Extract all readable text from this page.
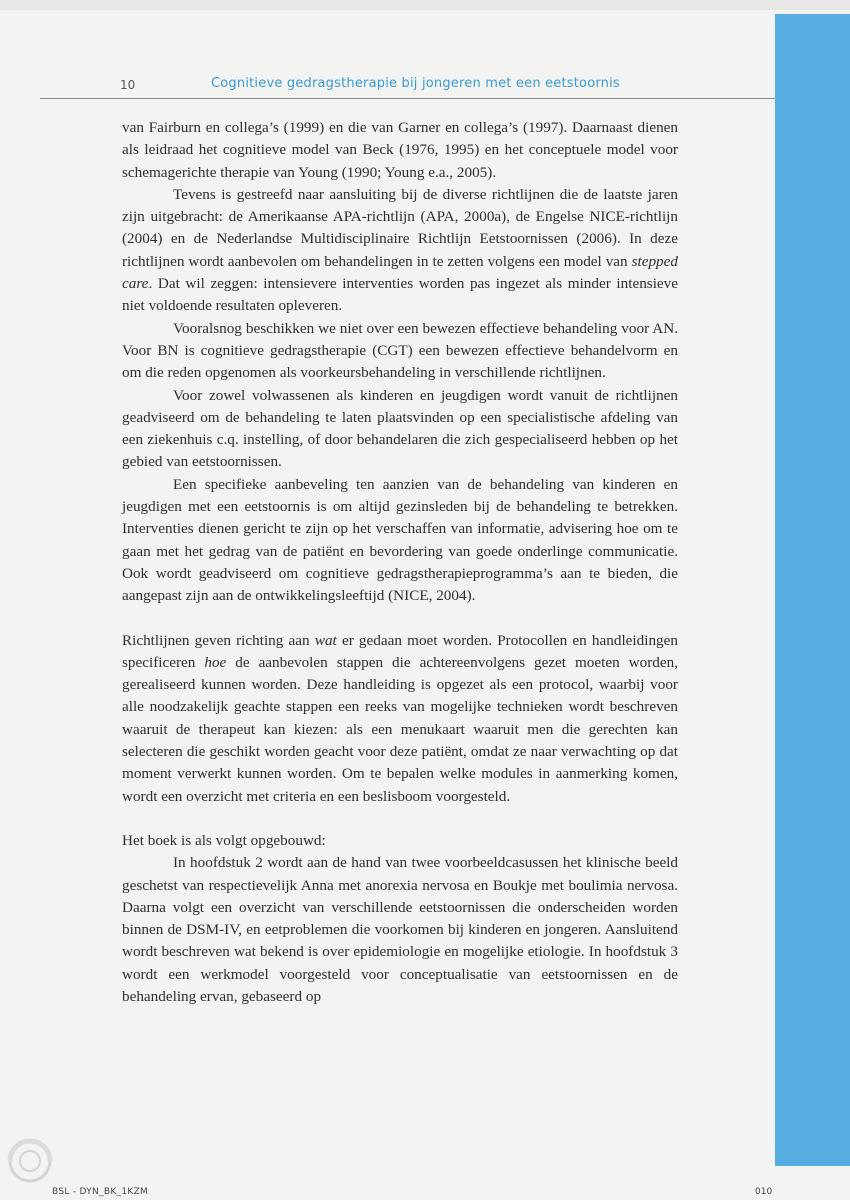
10	Cognitieve gedragstherapie bij jongeren met een eetstoornis

van Fairburn en collega’s (1999) en die van Garner en collega’s (1997). Daarnaast dienen als leidraad het cognitieve model van Beck (1976, 1995) en het conceptuele model voor schemagerichte therapie van Young (1990; Young e.a., 2005).

Tevens is gestreefd naar aansluiting bij de diverse richtlijnen die de laatste jaren zijn uitgebracht: de Amerikaanse APA-richtlijn (APA, 2000a), de Engelse NICE-richtlijn (2004) en de Nederlandse Multidisciplinaire Richtlijn Eetstoornissen (2006). In deze richtlijnen wordt aanbevolen om behandelingen in te zetten volgens een model van stepped care. Dat wil zeggen: intensievere interventies worden pas ingezet als minder intensieve niet voldoende resultaten opleveren.

Vooralsnog beschikken we niet over een bewezen effectieve behandeling voor AN. Voor BN is cognitieve gedragstherapie (CGT) een bewezen effectieve behandelvorm en om die reden opgenomen als voorkeursbehandeling in verschillende richtlijnen.

Voor zowel volwassenen als kinderen en jeugdigen wordt vanuit de richtlijnen geadviseerd om de behandeling te laten plaatsvinden op een specialistische afdeling van een ziekenhuis c.q. instelling, of door behandelaren die zich gespecialiseerd hebben op het gebied van eetstoornissen.

Een specifieke aanbeveling ten aanzien van de behandeling van kinderen en jeugdigen met een eetstoornis is om altijd gezinsleden bij de behandeling te betrekken. Interventies dienen gericht te zijn op het verschaffen van informatie, advisering hoe om te gaan met het gedrag van de patiënt en bevordering van goede onderlinge communicatie. Ook wordt geadviseerd om cognitieve gedragstherapieprogramma’s aan te bieden, die aangepast zijn aan de ontwikkelingsleeftijd (NICE, 2004).

Richtlijnen geven richting aan wat er gedaan moet worden. Protocollen en handleidingen specificeren hoe de aanbevolen stappen die achtereenvolgens gezet moeten worden, gerealiseerd kunnen worden. Deze handleiding is opgezet als een protocol, waarbij voor alle noodzakelijk geachte stappen een reeks van mogelijke technieken wordt beschreven waaruit de therapeut kan kiezen: als een menukaart waaruit men die gerechten kan selecteren die geschikt worden geacht voor deze patiënt, omdat ze naar verwachting op dat moment verwerkt kunnen worden. Om te bepalen welke modules in aanmerking komen, wordt een overzicht met criteria en een beslisboom voorgesteld.

Het boek is als volgt opgebouwd:

In hoofdstuk 2 wordt aan de hand van twee voorbeeldcasussen het klinische beeld geschetst van respectievelijk Anna met anorexia nervosa en Boukje met boulimia nervosa. Daarna volgt een overzicht van verschillende eetstoornissen die onderscheiden worden binnen de DSM-IV, en eetproblemen die voorkomen bij kinderen en jongeren. Aansluitend wordt beschreven wat bekend is over epidemiologie en mogelijke etiologie. In hoofdstuk 3 wordt een werkmodel voorgesteld voor conceptualisatie van eetstoornissen en de behandeling ervan, gebaseerd op

BSL - DYN_BK_1KZM	010
